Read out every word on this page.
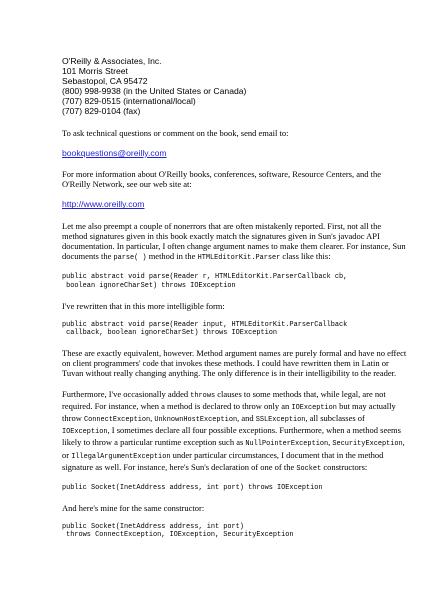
O'Reilly & Associates, Inc.
101 Morris Street
Sebastopol, CA 95472
(800) 998-9938 (in the United States or Canada)
(707) 829-0515 (international/local)
(707) 829-0104 (fax)

To ask technical questions or comment on the book, send email to:

bookquestions@oreilly.com

For more information about O'Reilly books, conferences, software, Resource Centers, and the O'Reilly Network, see our web site at:

http://www.oreilly.com

Let me also preempt a couple of nonerrors that are often mistakenly reported. First, not all the method signatures given in this book exactly match the signatures given in Sun's javadoc API documentation. In particular, I often change argument names to make them clearer. For instance, Sun documents the parse( ) method in the HTMLEditorKit.Parser class like this:

public abstract void parse(Reader r, HTMLEditorKit.ParserCallback cb,
boolean ignoreCharSet) throws IOException

I've rewritten that in this more intelligible form:

public abstract void parse(Reader input, HTMLEditorKit.ParserCallback
callback, boolean ignoreCharSet) throws IOException

These are exactly equivalent, however. Method argument names are purely formal and have no effect on client programmers' code that invokes these methods. I could have rewritten them in Latin or Tuvan without really changing anything. The only difference is in their intelligibility to the reader.

Furthermore, I've occasionally added throws clauses to some methods that, while legal, are not required. For instance, when a method is declared to throw only an IOException but may actually throw ConnectException, UnknownHostException, and SSLException, all subclasses of IOException, I sometimes declare all four possible exceptions. Furthermore, when a method seems likely to throw a particular runtime exception such as NullPointerException, SecurityException, or IllegalArgumentException under particular circumstances, I document that in the method signature as well. For instance, here's Sun's declaration of one of the Socket constructors:

public Socket(InetAddress address, int port) throws IOException

And here's mine for the same constructor:

public Socket(InetAddress address, int port)
throws ConnectException, IOException, SecurityException
